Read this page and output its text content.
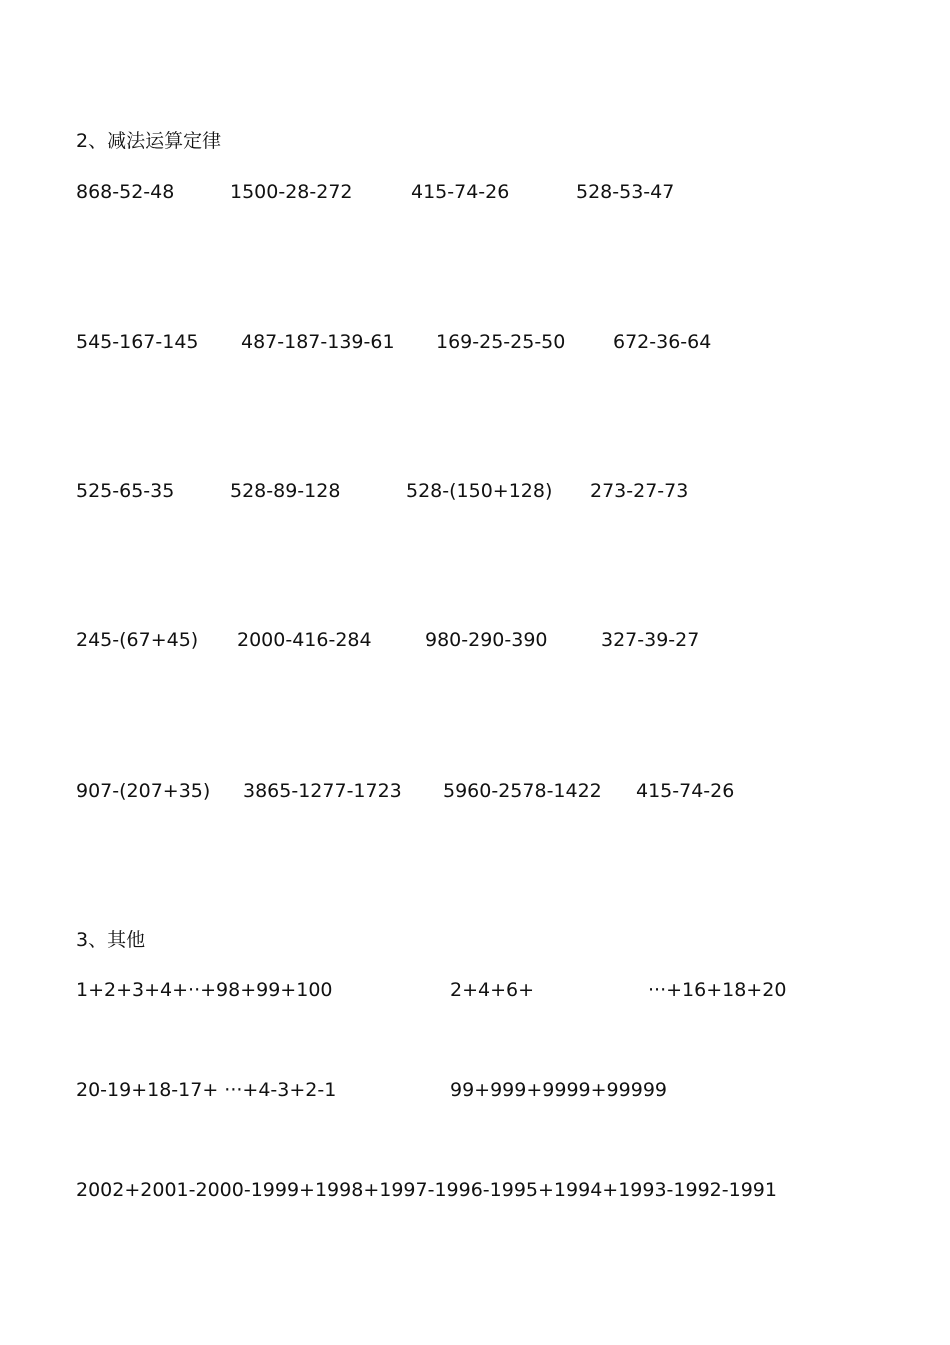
2、减法运算定律
868-52-48	1500-28-272	415-74-26	528-53-47
545-167-145 487-187-139-61 169-25-25-50	672-36-64
525-65-35	528-89-128	528-(150+128) 273-27-73
245-(67+45) 2000-416-284	980-290-390	327-39-27
907-(207+35) 3865-1277-1723 5960-2578-1422 415-74-26
3、其他
1+2+3+4+··+98+99+100	2+4+6+	···+16+18+20
20-19+18-17+ ···+4-3+2-1	99+999+9999+99999
2002+2001-2000-1999+1998+1997-1996-1995+1994+1993-1992-1991
